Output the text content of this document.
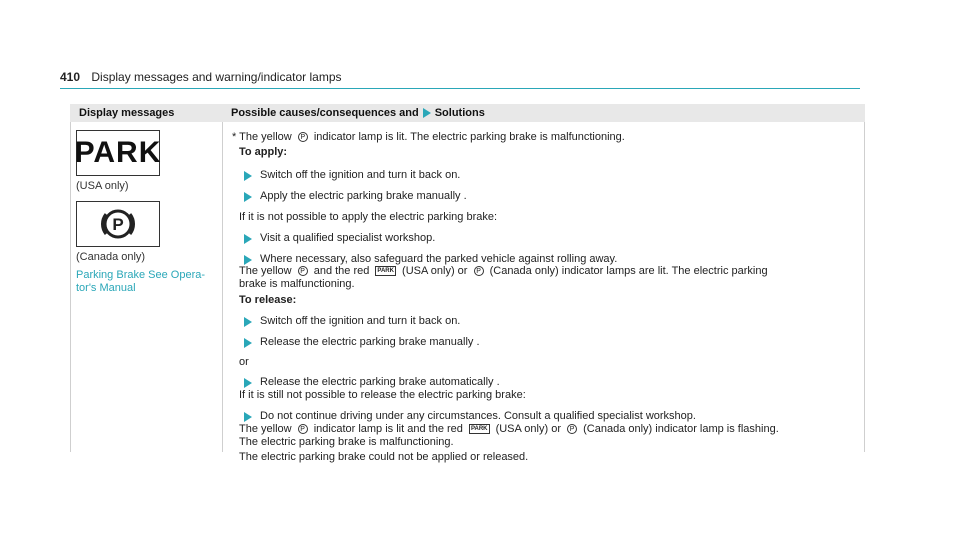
410 Display messages and warning/indicator lamps
Display messages	Possible causes/consequences and Solutions
PARK
(USA only)
P
(Canada only)
Parking Brake See Opera-
tor's Manual
* The yellow P indicator lamp is lit. The electric parking brake is malfunctioning.
To apply:
Switch off the ignition and turn it back on.
Apply the electric parking brake manually .
If it is not possible to apply the electric parking brake:
Visit a qualified specialist workshop.
Where necessary, also safeguard the parked vehicle against rolling away.
The yellow P and the red PARK (USA only) or P (Canada only) indicator lamps are lit. The electric parking
brake is malfunctioning.
To release:
Switch off the ignition and turn it back on.
Release the electric parking brake manually .
or
Release the electric parking brake automatically .
If it is still not possible to release the electric parking brake:
Do not continue driving under any circumstances. Consult a qualified specialist workshop.
The yellow P indicator lamp is lit and the red PARK (USA only) or P (Canada only) indicator lamp is flashing.
The electric parking brake is malfunctioning.
The electric parking brake could not be applied or released.
